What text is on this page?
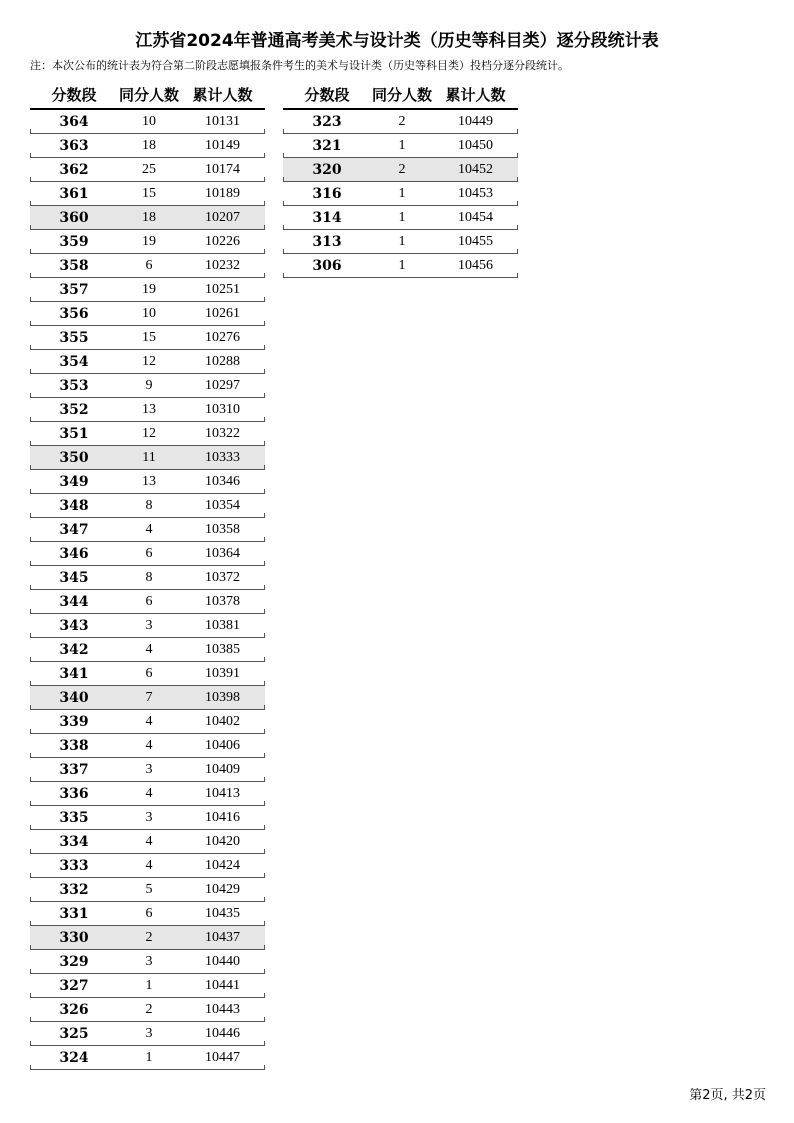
江苏省2024年普通高考美术与设计类（历史等科目类）逐分段统计表
注：本次公布的统计表为符合第二阶段志愿填报条件考生的美术与设计类（历史等科目类）投档分逐分段统计。
分数段	同分人数 累计人数
364	10	10131
363	18	10149
362	25	10174
361	15	10189
360	18	10207
359	19	10226
358	6	10232
357	19	10251
356	10	10261
355	15	10276
354	12	10288
353	9	10297
352	13	10310
351	12	10322
350	11	10333
349	13	10346
348	8	10354
347	4	10358
346	6	10364
345	8	10372
344	6	10378
343	3	10381
342	4	10385
341	6	10391
340	7	10398
339	4	10402
338	4	10406
337	3	10409
336	4	10413
335	3	10416
334	4	10420
333	4	10424
332	5	10429
331	6	10435
330	2	10437
329	3	10440
327	1	10441
326	2	10443
325	3	10446
324	1	10447
分数段	同分人数 累计人数
323	2	10449
321	1	10450
320	2	10452
316	1	10453
314	1	10454
313	1	10455
306	1	10456
第2页, 共2页
